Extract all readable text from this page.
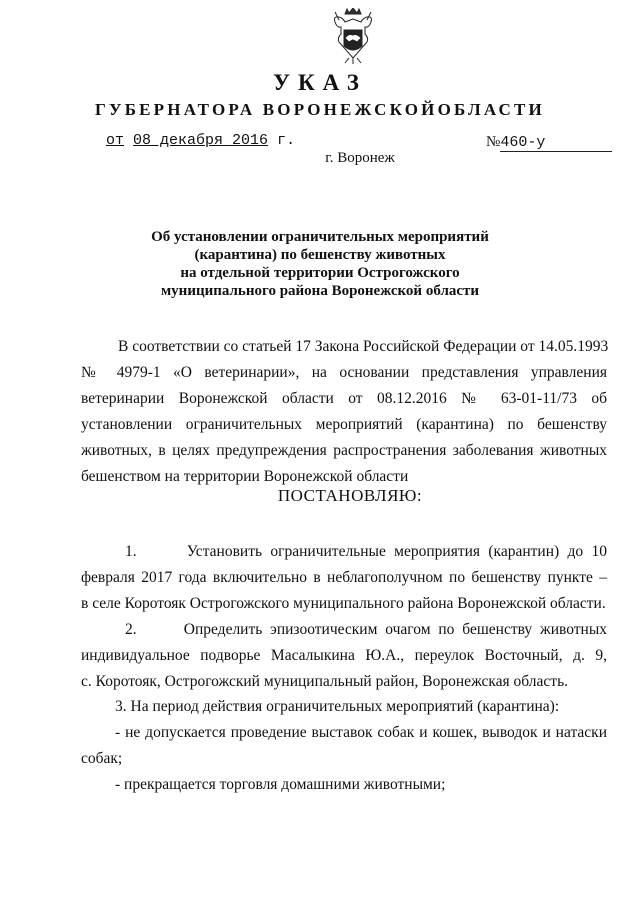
УКАЗ
ГУБЕРНАТОРА ВОРОНЕЖСКОЙОБЛАСТИ
от 08 декабря 2016 г.	№460-у
г. Воронеж
Об установлении ограничительных мероприятий
(карантина) по бешенству животных
на отдельной территории Острогожского
муниципального района Воронежской области
В соответствии со статьей 17 Закона Российской Федерации от 14.05.1993
№ 4979-1 «О ветеринарии», на основании представления управления
ветеринарии Воронежской области от 08.12.2016 № 63-01-11/73 об
установлении ограничительных мероприятий (карантина) по бешенству
животных, в целях предупреждения распространения заболевания животных
бешенством на территории Воронежской области
ПОСТАНОВЛЯЮ:
1.      Установить ограничительные мероприятия (карантин) до 10
февраля 2017 года включительно в неблагополучном по бешенству пункте –
в селе Коротояк Острогожского муниципального района Воронежской области.
2.      Определить эпизоотическим очагом по бешенству животных
индивидуальное подворье Масалыкина Ю.А., переулок Восточный, д. 9,
с. Коротояк, Острогожский муниципальный район, Воронежская область.
3. На период действия ограничительных мероприятий (карантина):
- не допускается проведение выставок собак и кошек, выводок и натаски
собак;
- прекращается торговля домашними животными;
